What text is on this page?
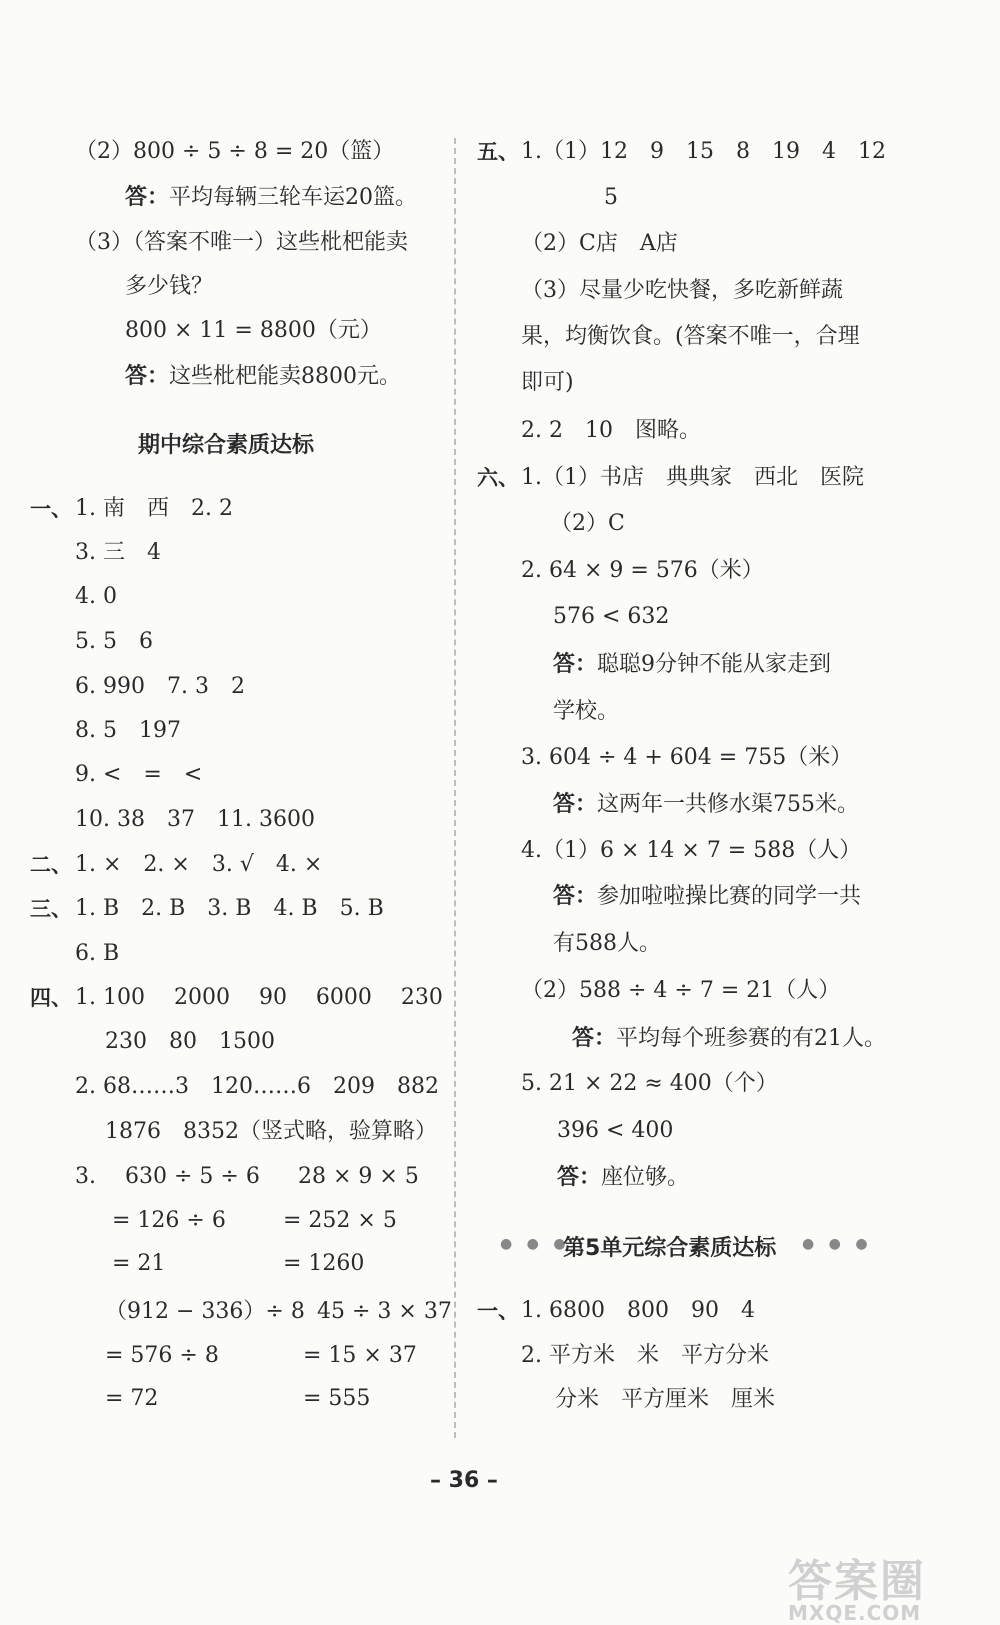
（2）800 ÷ 5 ÷ 8 = 20（篮）
答：平均每辆三轮车运20篮。
（3）（答案不唯一）这些枇杷能卖
多少钱？
800 × 11 = 8800（元）
答：这些枇杷能卖8800元。
期中综合素质达标
一、 1. 南　西　2. 2
3. 三　4
4. 0
5. 5　6
6. 990　7. 3　2
8. 5　197
9. <　=　<
10. 38　37　11. 3600
二、 1. ×　2. ×　3. √　4. ×
三、 1. B　2. B　3. B　4. B　5. B
6. B
四、 1. 100　 2000　 90　 6000　 230
230　80　1500
2. 68……3　120……6　209　882
1876　8352（竖式略，验算略）
3. 630 ÷ 5 ÷ 6
= 126 ÷ 6
= 21
28 × 9 × 5
= 252 × 5
= 1260
（912 − 336）÷ 8
= 576 ÷ 8
= 72
45 ÷ 3 × 37
= 15 × 37
= 555
五、 1.（1）12　9　15　8　19　4　12
5
（2）C店　A店
（3）尽量少吃快餐，多吃新鲜蔬
果，均衡饮食。(答案不唯一，合理
即可)
2. 2　10　图略。
六、 1.（1）书店　典典家　西北　医院
（2）C
2. 64 × 9 = 576（米）
576 < 632
答：聪聪9分钟不能从家走到
学校。
3. 604 ÷ 4 + 604 = 755（米）
答：这两年一共修水渠755米。
4.（1）6 × 14 × 7 = 588（人）
答：参加啦啦操比赛的同学一共
有588人。
（2）588 ÷ 4 ÷ 7 = 21（人）
答：平均每个班参赛的有21人。
5. 21 × 22 ≈ 400（个）
396 < 400
答：座位够。
● ● ●
第5单元综合素质达标 ● ● ●
一、 1. 6800　800　90　4
2. 平方米　米　平方分米
分米　平方厘米　厘米
– 36 –
答案圈
MXQE.COM
